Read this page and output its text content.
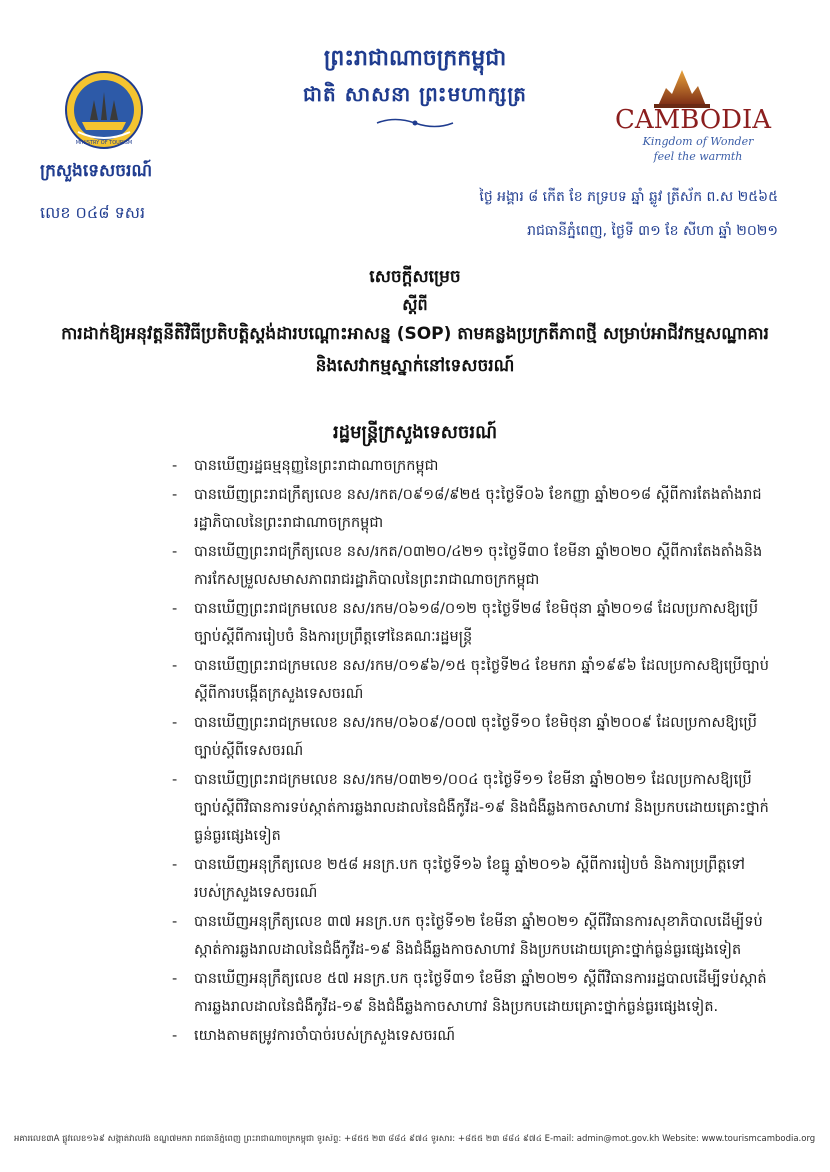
ព្រះរាជាណាចក្រកម្ពុជា
ជាតិ សាសនា ព្រះមហាក្សត្រ
MINISTRY OF TOURISM
ក្រសួងទេសចរណ៍
លេខ ០៤៨ ទសរ
CAMBODIA
Kingdom of Wonder
feel the warmth
ថ្ងៃ អង្គារ ៨ កើត ខែ ភទ្របទ ឆ្នាំ ឆ្លូវ ត្រីស័ក ព.ស ២៥៦៥
រាជធានីភ្នំពេញ, ថ្ងៃទី ៣១ ខែ សីហា ឆ្នាំ ២០២១
សេចក្ដីសម្រេច
ស្ដីពី
ការដាក់ឱ្យអនុវត្តនីតិវិធីប្រតិបត្តិស្តង់ដារបណ្ដោះអាសន្ន (SOP) តាមគន្លងប្រក្រតីភាពថ្មី សម្រាប់អាជីវកម្មសណ្ឋាគារ និងសេវាកម្មស្នាក់នៅទេសចរណ៍
រដ្ឋមន្ត្រីក្រសួងទេសចរណ៍
- បានឃើញរដ្ឋធម្មនុញ្ញនៃព្រះរាជាណាចក្រកម្ពុជា
- បានឃើញព្រះរាជក្រឹត្យលេខ នស/រកត/០៩១៨/៩២៥ ចុះថ្ងៃទី០៦ ខែកញ្ញា ឆ្នាំ២០១៨ ស្ដីពីការតែងតាំងរាជរដ្ឋាភិបាលនៃព្រះរាជាណាចក្រកម្ពុជា
- បានឃើញព្រះរាជក្រឹត្យលេខ នស/រកត/០៣២០/៤២១ ចុះថ្ងៃទី៣០ ខែមីនា ឆ្នាំ២០២០ ស្ដីពីការតែងតាំងនិងការកែសម្រួលសមាសភាពរាជរដ្ឋាភិបាលនៃព្រះរាជាណាចក្រកម្ពុជា
- បានឃើញព្រះរាជក្រមលេខ នស/រកម/០៦១៨/០១២ ចុះថ្ងៃទី២៨ ខែមិថុនា ឆ្នាំ២០១៨ ដែលប្រកាសឱ្យប្រើច្បាប់ស្ដីពីការរៀបចំ និងការប្រព្រឹត្តទៅនៃគណៈរដ្ឋមន្ត្រី
- បានឃើញព្រះរាជក្រមលេខ នស/រកម/០១៩៦/១៥ ចុះថ្ងៃទី២៤ ខែមករា ឆ្នាំ១៩៩៦ ដែលប្រកាសឱ្យប្រើច្បាប់ស្ដីពីការបង្កើតក្រសួងទេសចរណ៍
- បានឃើញព្រះរាជក្រមលេខ នស/រកម/០៦០៩/០០៧ ចុះថ្ងៃទី១០ ខែមិថុនា ឆ្នាំ២០០៩ ដែលប្រកាសឱ្យប្រើច្បាប់ស្ដីពីទេសចរណ៍
- បានឃើញព្រះរាជក្រមលេខ នស/រកម/០៣២១/០០៤ ចុះថ្ងៃទី១១ ខែមីនា ឆ្នាំ២០២១ ដែលប្រកាសឱ្យប្រើច្បាប់ស្ដីពីវិធានការទប់ស្កាត់ការឆ្លងរាលដាលនៃជំងឺកូវីដ-១៩ និងជំងឺឆ្លងកាចសាហាវ និងប្រកបដោយគ្រោះថ្នាក់ធ្ងន់ធ្ងរផ្សេងទៀត
- បានឃើញអនុក្រឹត្យលេខ ២៥៨ អនក្រ.បក ចុះថ្ងៃទី១៦ ខែធ្នូ ឆ្នាំ២០១៦ ស្ដីពីការរៀបចំ និងការប្រព្រឹត្តទៅរបស់ក្រសួងទេសចរណ៍
- បានឃើញអនុក្រឹត្យលេខ ៣៧ អនក្រ.បក ចុះថ្ងៃទី១២ ខែមីនា ឆ្នាំ២០២១ ស្ដីពីវិធានការសុខាភិបាលដើម្បីទប់ស្កាត់ការឆ្លងរាលដាលនៃជំងឺកូវីដ-១៩ និងជំងឺឆ្លងកាចសាហាវ និងប្រកបដោយគ្រោះថ្នាក់ធ្ងន់ធ្ងរផ្សេងទៀត
- បានឃើញអនុក្រឹត្យលេខ ៥៧ អនក្រ.បក ចុះថ្ងៃទី៣១ ខែមីនា ឆ្នាំ២០២១ ស្ដីពីវិធានការរដ្ឋបាលដើម្បីទប់ស្កាត់ការឆ្លងរាលដាលនៃជំងឺកូវីដ-១៩ និងជំងឺឆ្លងកាចសាហាវ និងប្រកបដោយគ្រោះថ្នាក់ធ្ងន់ធ្ងរផ្សេងទៀត.
- យោងតាមតម្រូវការចាំបាច់របស់ក្រសួងទេសចរណ៍
អគារលេខ៣A ផ្លូវលេខ១៦៩ សង្កាត់វាលវង់ ខណ្ឌ៧មករា រាជធានីភ្នំពេញ ព្រះរាជាណាចក្រកម្ពុជា ទូរស័ព្ទ: +៨៥៥ ២៣ ៨៨៤ ៩៧៤ ទូរសារ: +៨៥៥ ២៣ ៨៨៤ ៩៧៤ E-mail: admin@mot.gov.kh Website: www.tourismcambodia.org
